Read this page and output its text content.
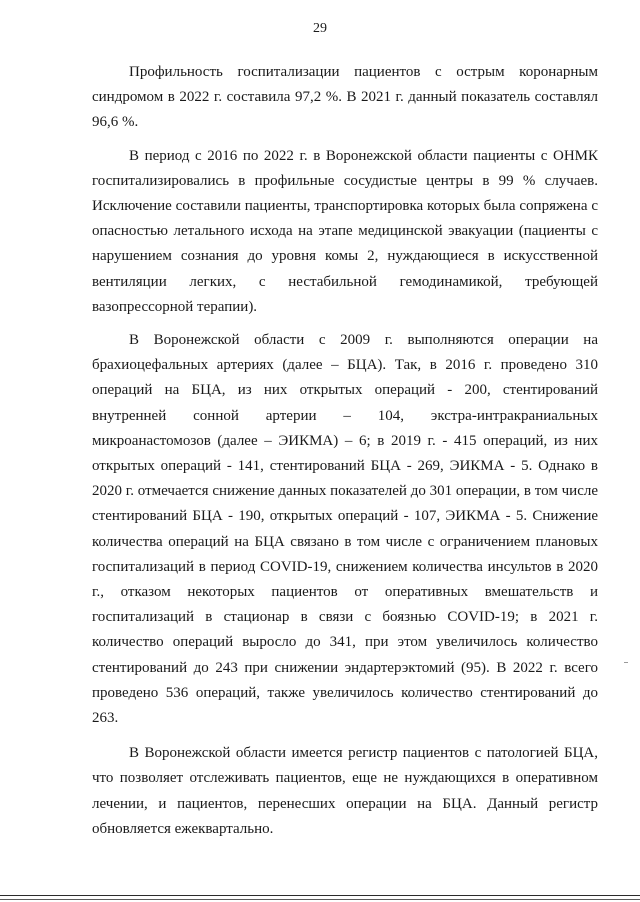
29

Профильность госпитализации пациентов с острым коронарным синдромом в 2022 г. составила 97,2 %. В 2021 г. данный показатель составлял 96,6 %.

В период с 2016 по 2022 г. в Воронежской области пациенты с ОНМК госпитализировались в профильные сосудистые центры в 99 % случаев. Исключение составили пациенты, транспортировка которых была сопряжена с опасностью летального исхода на этапе медицинской эвакуации (пациенты с нарушением сознания до уровня комы 2, нуждающиеся в искусственной вентиляции легких, с нестабильной гемодинамикой, требующей вазопрессорной терапии).

В Воронежской области с 2009 г. выполняются операции на брахиоцефальных артериях (далее – БЦА). Так, в 2016 г. проведено 310 операций на БЦА, из них открытых операций - 200, стентирований внутренней сонной артерии – 104, экстра-интракраниальных микроанастомозов (далее – ЭИКМА) – 6; в 2019 г. - 415 операций, из них открытых операций - 141, стентирований БЦА - 269, ЭИКМА - 5. Однако в 2020 г. отмечается снижение данных показателей до 301 операции, в том числе стентирований БЦА - 190, открытых операций - 107, ЭИКМА - 5. Снижение количества операций на БЦА связано в том числе с ограничением плановых госпитализаций в период COVID-19, снижением количества инсультов в 2020 г., отказом некоторых пациентов от оперативных вмешательств и госпитализаций в стационар в связи с боязнью COVID-19; в 2021 г. количество операций выросло до 341, при этом увеличилось количество стентирований до 243 при снижении эндартерэктомий (95). В 2022 г. всего проведено 536 операций, также увеличилось количество стентирований до 263.

В Воронежской области имеется регистр пациентов с патологией БЦА, что позволяет отслеживать пациентов, еще не нуждающихся в оперативном лечении, и пациентов, перенесших операции на БЦА. Данный регистр обновляется ежеквартально.
